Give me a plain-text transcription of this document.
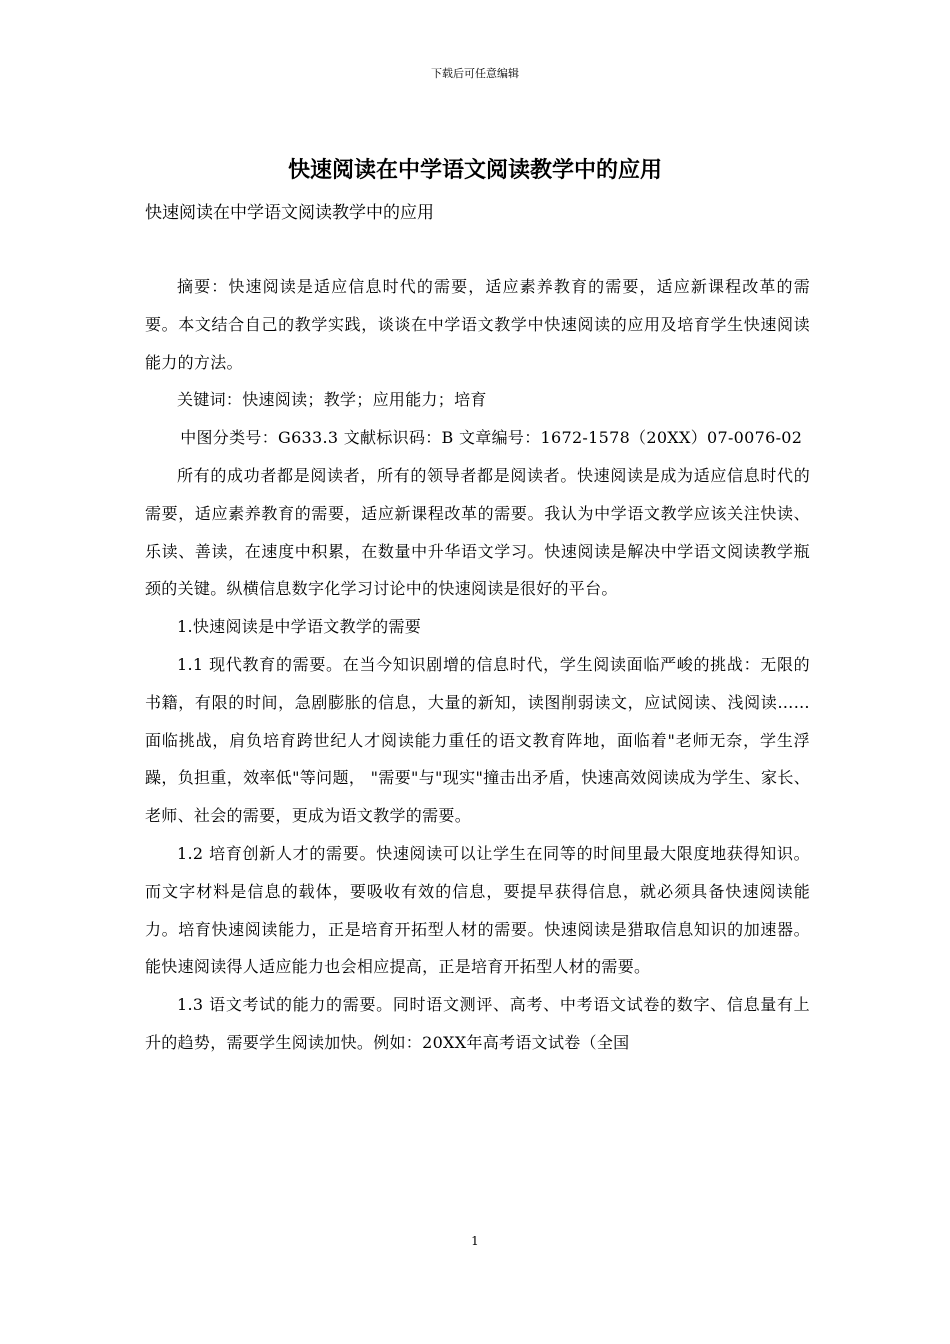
下载后可任意编辑
快速阅读在中学语文阅读教学中的应用
快速阅读在中学语文阅读教学中的应用

摘要：快速阅读是适应信息时代的需要，适应素养教育的需要，适应新课程改革的需要。本文结合自己的教学实践，谈谈在中学语文教学中快速阅读的应用及培育学生快速阅读能力的方法。

关键词：快速阅读；教学；应用能力；培育

中图分类号：G633.3 文献标识码：B 文章编号：1672-1578（20XX）07-0076-02

所有的成功者都是阅读者，所有的领导者都是阅读者。快速阅读是成为适应信息时代的需要，适应素养教育的需要，适应新课程改革的需要。我认为中学语文教学应该关注快读、乐读、善读，在速度中积累，在数量中升华语文学习。快速阅读是解决中学语文阅读教学瓶颈的关键。纵横信息数字化学习讨论中的快速阅读是很好的平台。

1.快速阅读是中学语文教学的需要

1.1 现代教育的需要。在当今知识剧增的信息时代，学生阅读面临严峻的挑战：无限的书籍，有限的时间，急剧膨胀的信息，大量的新知，读图削弱读文，应试阅读、浅阅读……面临挑战，肩负培育跨世纪人才阅读能力重任的语文教育阵地，面临着"老师无奈，学生浮躁，负担重，效率低"等问题， "需要"与"现实"撞击出矛盾，快速高效阅读成为学生、家长、老师、社会的需要，更成为语文教学的需要。

1.2 培育创新人才的需要。快速阅读可以让学生在同等的时间里最大限度地获得知识。而文字材料是信息的载体，要吸收有效的信息，要提早获得信息，就必须具备快速阅读能力。培育快速阅读能力，正是培育开拓型人材的需要。快速阅读是猎取信息知识的加速器。能快速阅读得人适应能力也会相应提高，正是培育开拓型人材的需要。

1.3 语文考试的能力的需要。同时语文测评、高考、中考语文试卷的数字、信息量有上升的趋势，需要学生阅读加快。例如：20XX年高考语文试卷（全国

1
